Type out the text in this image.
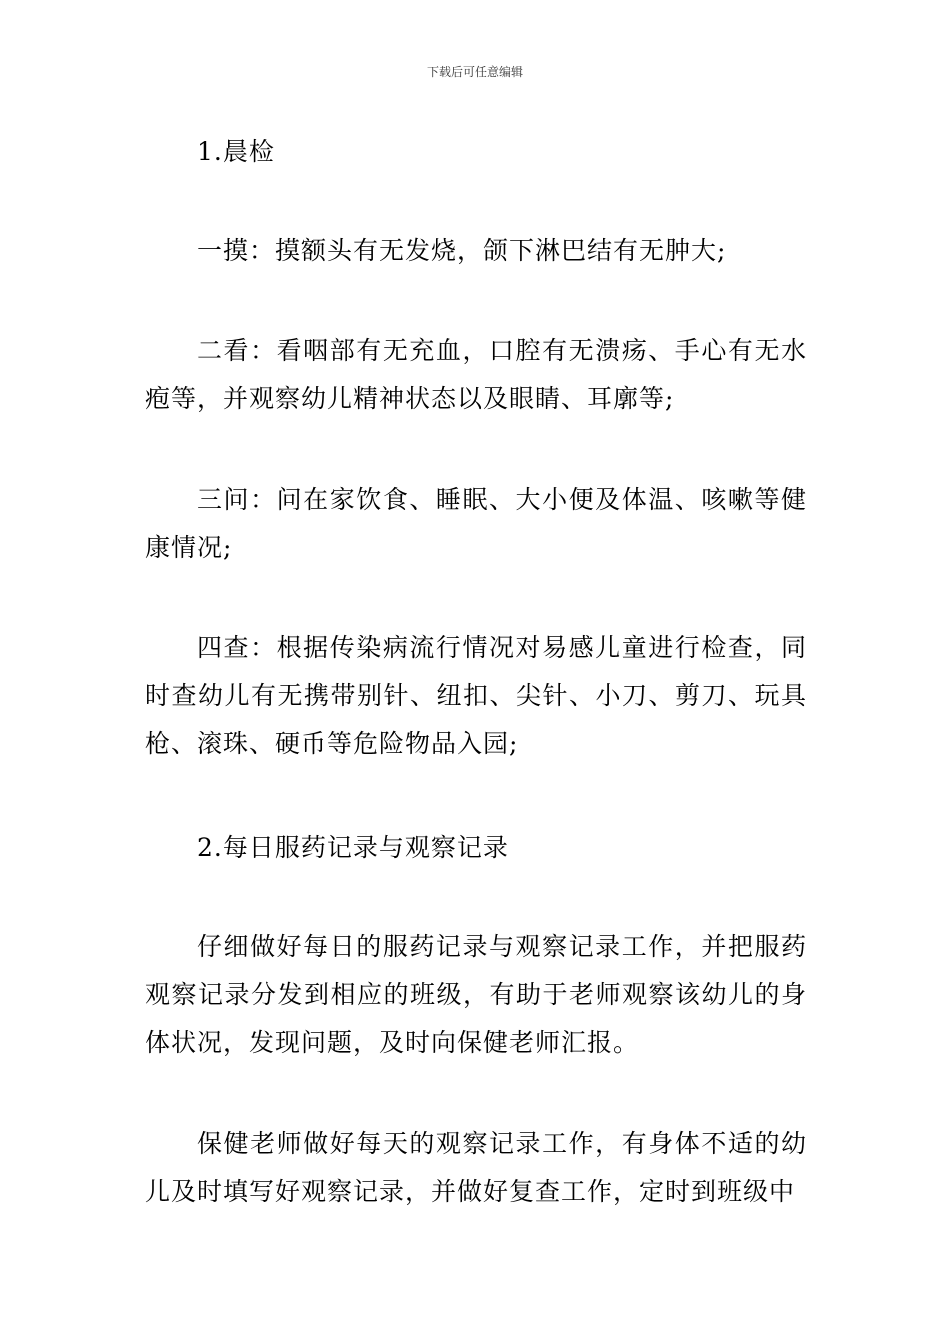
下载后可任意编辑

1.晨检

一摸：摸额头有无发烧，颌下淋巴结有无肿大;

二看：看咽部有无充血，口腔有无溃疡、手心有无水疱等，并观察幼儿精神状态以及眼睛、耳廓等;

三问：问在家饮食、睡眠、大小便及体温、咳嗽等健康情况;

四查：根据传染病流行情况对易感儿童进行检查，同时查幼儿有无携带别针、纽扣、尖针、小刀、剪刀、玩具枪、滚珠、硬币等危险物品入园;

2.每日服药记录与观察记录

仔细做好每日的服药记录与观察记录工作，并把服药观察记录分发到相应的班级，有助于老师观察该幼儿的身体状况，发现问题，及时向保健老师汇报。

保健老师做好每天的观察记录工作，有身体不适的幼儿及时填写好观察记录，并做好复查工作，定时到班级中
